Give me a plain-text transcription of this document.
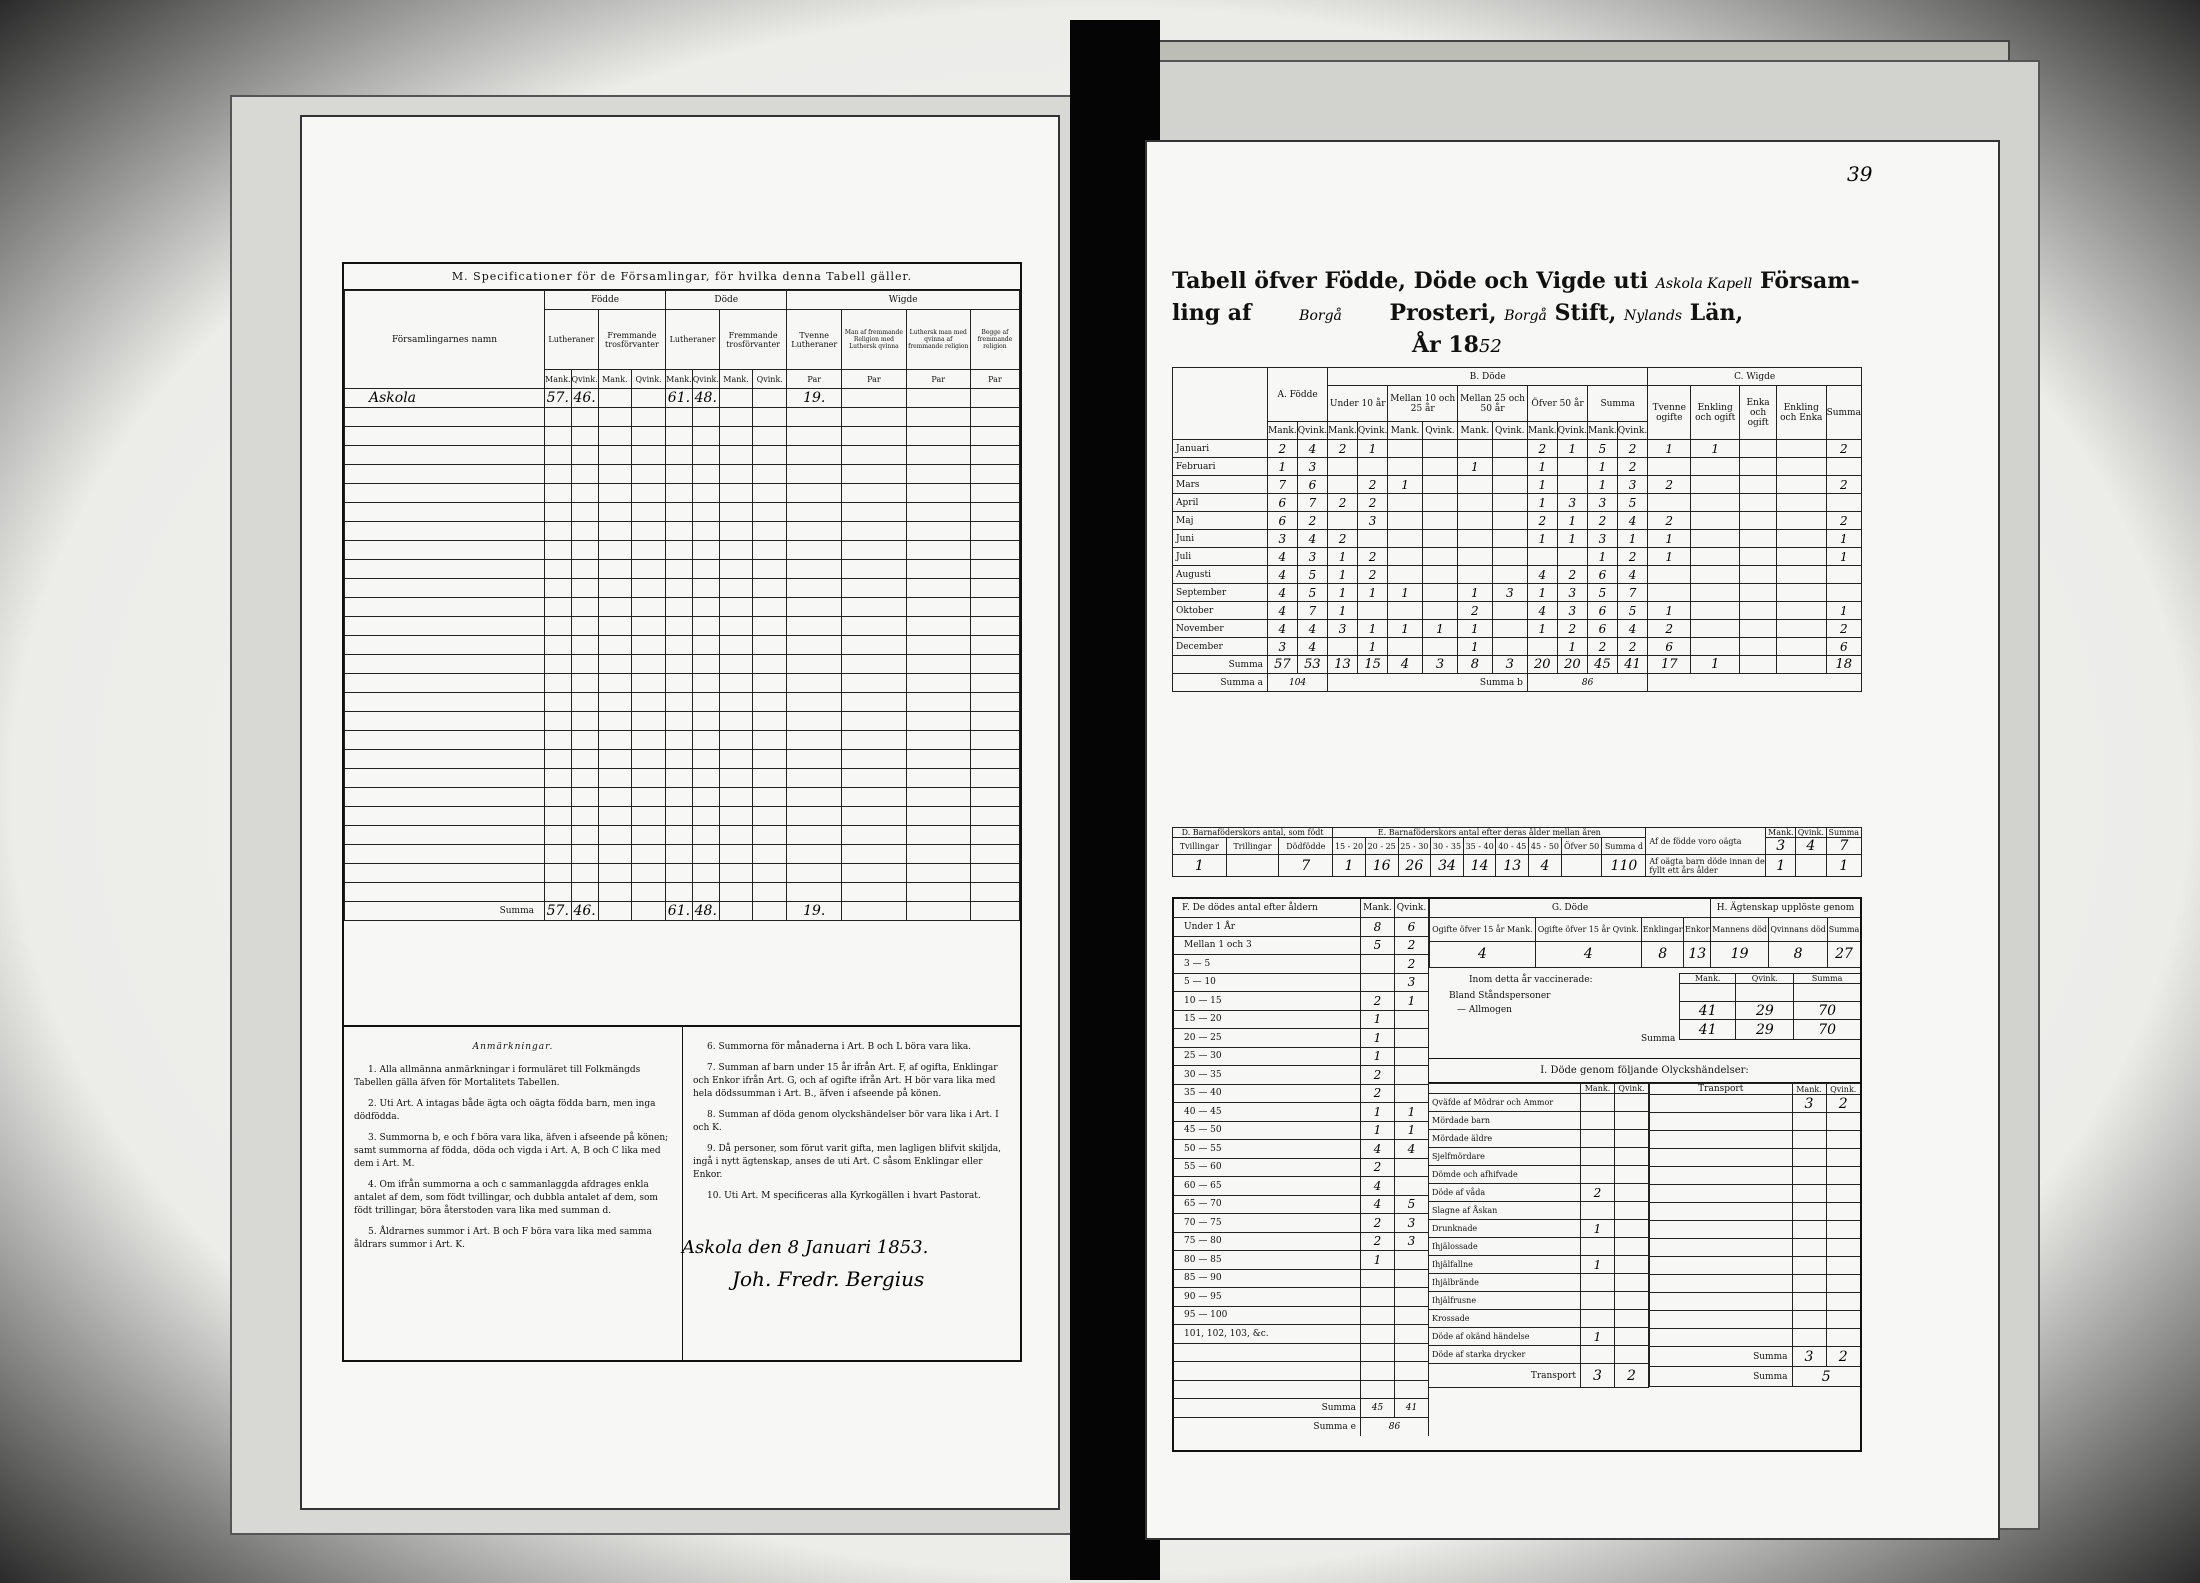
M. Specificationer för de Församlingar, för hvilka denna Tabell gäller.
Församlingarnes namn	Födde				Döde				Wigde			
	Lutheraner		Fremmande trosförvanter		Lutheraner		Fremmande trosförvanter		Tvenne Lutheraner	Man af fremmande Religion med Luthersk qvinna	Luthersk man med qvinna af fremmande religion	Begge af fremmande religion
	Mank.	Qvink.	Mank.	Qvink.	Mank.	Qvink.	Mank.	Qvink.	Par	Par	Par	Par
Askola	57.	46.			61.	48.			19.			

Summa	57.	46.			61.	48.			19.			
Anmärkningar.

1. Alla allmänna anmärkningar i formuläret till Folkmängds Tabellen gälla äfven för Mortalitets Tabellen.

2. Uti Art. A intagas både ägta och oägta födda barn, men inga dödfödda.

3. Summorna b, e och f böra vara lika, äfven i afseende på könen; samt summorna af födda, döda och vigda i Art. A, B och C lika med dem i Art. M.

4. Om ifrån summorna a och c sammanlaggda afdrages enkla antalet af dem, som födt tvillingar, och dubbla antalet af dem, som födt trillingar, böra återstoden vara lika med summan d.

5. Åldrarnes summor i Art. B och F böra vara lika med samma åldrars summor i Art. K.

6. Summorna för månaderna i Art. B och L böra vara lika.

7. Summan af barn under 15 år ifrån Art. F, af ogifta, Enklingar och Enkor ifrån Art. G, och af ogifte ifrån Art. H bör vara lika med hela dödssumman i Art. B., äfven i afseende på könen.

8. Summan af döda genom olyckshändelser bör vara lika i Art. I och K.

9. Då personer, som förut varit gifta, men lagligen blifvit skiljda, ingå i nytt ägtenskap, anses de uti Art. C såsom Enklingar eller Enkor.

10. Uti Art. M specificeras alla Kyrkogällen i hvart Pastorat.

Askola den 8 Januari 1853.
Joh. Fredr. Bergius
39
Tabell öfver Födde, Döde och Vigde uti Askola Kapell Försam-
ling af	Borgå Prosteri, Borgå Stift, Nylands Län,
År 1852
	A. Födde		B. Döde										C. Wigde				
			Under 10 år		Mellan 10 och 25 år		Mellan 25 och 50 år		Öfver 50 år		Summa		Tvenne ogifte	Enkling och ogift	Enka och ogift	Enkling och Enka	Summa
	Mank.	Qvink.	Mank.	Qvink.	Mank.	Qvink.	Mank.	Qvink.	Mank.	Qvink.	Mank.	Qvink.					
Januari	2	4	2	1					2	1	5	2	1	1			2
Februari	1	3					1		1		1	2					
Mars	7	6		2	1				1		1	3	2				2
April	6	7	2	2					1	3	3	5					
Maj	6	2		3					2	1	2	4	2				2
Juni	3	4	2						1	1	3	1	1				1
Juli	4	3	1	2							1	2	1				1
Augusti	4	5	1	2					4	2	6	4					
September	4	5	1	1	1		1	3	1	3	5	7					
Oktober	4	7	1				2		4	3	6	5	1				1
November	4	4	3	1	1	1	1		1	2	6	4	2				2
December	3	4		1			1			1	2	2	6				6
Summa	57	53	13	15	4	3	8	3	20	20	45	41	17	1			18
Summa a	104		Summa b						86								
D. Barnaföderskors antal, som födt			E. Barnaföderskors antal efter deras ålder mellan åren									Af de födde voro oägta	Mank.	Qvink.	Summa
Tvillingar	Trillingar	Dödfödde	15 - 20	20 - 25	25 - 30	30 - 35	35 - 40	40 - 45	45 - 50	Öfver 50	Summa d		3	4	7
1		7	1	16	26	34	14	13	4		110	Af oägta barn döde innan de fyllt ett års ålder	1		1
F. De dödes antal efter åldern	Mank.	Qvink.
Under 1 År	8	6
Mellan 1 och 3	5	2
3 — 5		2
5 — 10		3
10 — 15	2	1
15 — 20	1	
20 — 25	1	
25 — 30	1	
30 — 35	2	
35 — 40	2	
40 — 45	1	1
45 — 50	1	1
50 — 55	4	4
55 — 60	2	
60 — 65	4	
65 — 70	4	5
70 — 75	2	3
75 — 80	2	3
80 — 85	1	
85 — 90		
90 — 95		
95 — 100		
101, 102, 103, &c.		

Summa	45	41
Summa e	86	
G. Döde				H. Ägtenskap upplöste genom		
Ogifte öfver 15 år Mank.	Ogifte öfver 15 år Qvink.	Enklingar	Enkor	Mannens död	Qvinnans död	Summa
4	4	8	13	19	8	27
Inom detta år vaccinerade:
Bland Ståndspersoner
— Allmogen
Mank.	Qvink.	Summa

41	29	70
41	29	70
Summa
I. Döde genom följande Olyckshändelser:
	Mank.	Qvink.
Qväfde af Mödrar och Ammor		
Mördade barn		
Mördade äldre		
Sjelfmördare		
Dömde och afhifvade		
Döde af våda	2	
Slagne af Åskan		
Drunknade	1	
Ihjälossade		
Ihjälfallne	1	
Ihjälbrände		
Ihjälfrusne		
Krossade		
Döde af okänd händelse	1	
Döde af starka drycker		
Transport	3	2
Transport	Mank.	Qvink.
	3	2

Summa	3	2
Summa	5	
